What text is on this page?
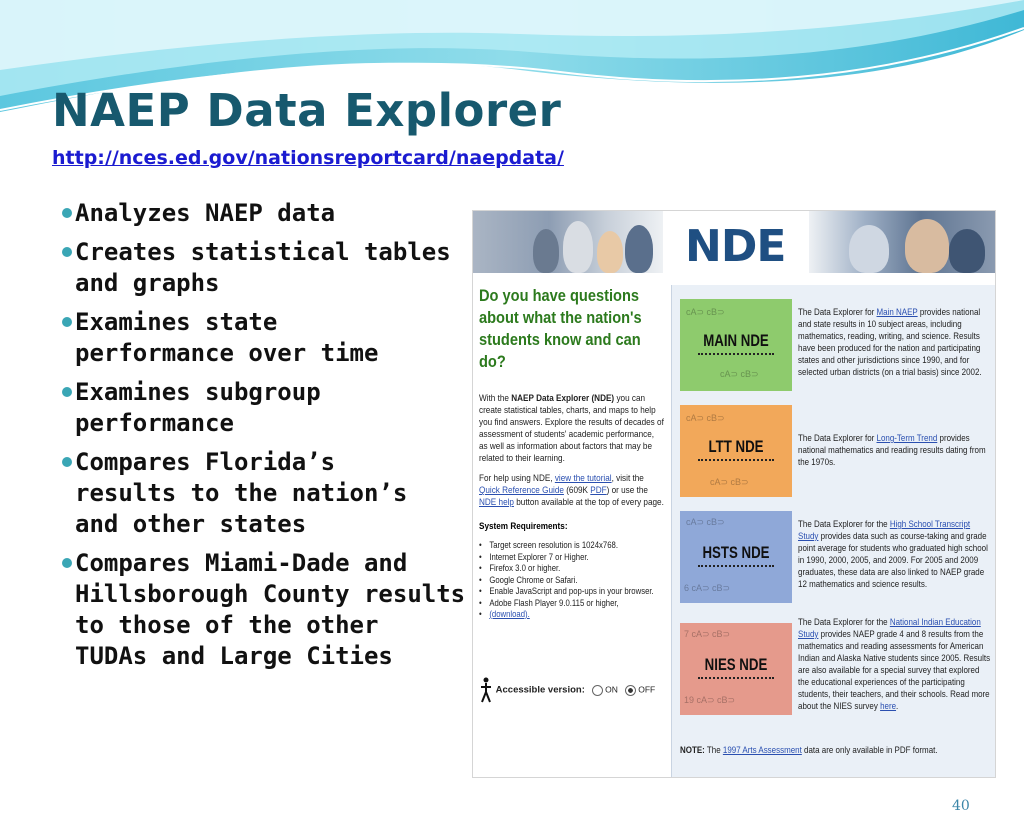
NAEP Data Explorer
http://nces.ed.gov/nationsreportcard/naepdata/
Analyzes NAEP data
Creates statistical tables
and graphs
Examines state
performance over time
Examines subgroup
performance
Compares Florida’s
results to the nation’s
and other states
Compares Miami-Dade and
Hillsborough County results
to those of the other
TUDAs and Large Cities
NDE
Do you have questions about what the nation's students know and can do?
With the NAEP Data Explorer (NDE) you can create statistical tables, charts, and maps to help you find answers. Explore the results of decades of assessment of students' academic performance, as well as information about factors that may be related to their learning.
For help using NDE, view the tutorial, visit the Quick Reference Guide (609K PDF) or use the NDE help button available at the top of every page.
System Requirements:
• Target screen resolution is 1024x768.
• Internet Explorer 7 or Higher.
• Firefox 3.0 or higher.
• Google Chrome or Safari.
• Enable JavaScript and pop-ups in your browser.
• Adobe Flash Player 9.0.115 or higher,
• (download).
Accessible version: ON OFF
cA⊃ cB⊃
cA⊃ cB⊃
MAIN NDE
The Data Explorer for Main NAEP provides national and state results in 10 subject areas, including mathematics, reading, writing, and science. Results have been produced for the nation and participating states and other jurisdictions since 1990, and for selected urban districts (on a trial basis) since 2002.
cA⊃ cB⊃
cA⊃ cB⊃
LTT NDE	The Data Explorer for Long-Term Trend provides national mathematics and reading results dating from the 1970s.
cA⊃ cB⊃
6 cA⊃ cB⊃
HSTS NDE
The Data Explorer for the High School Transcript Study provides data such as course-taking and grade point average for students who graduated high school in 1990, 2000, 2005, and 2009. For 2005 and 2009 graduates, these data are also linked to NAEP grade 12 mathematics and science results.
7 cA⊃ cB⊃
19 cA⊃ cB⊃
NIES NDE
The Data Explorer for the National Indian Education Study provides NAEP grade 4 and 8 results from the mathematics and reading assessments for American Indian and Alaska Native students since 2005. Results are also available for a special survey that explored the educational experiences of the participating students, their teachers, and their schools. Read more about the NIES survey here.
NOTE: The 1997 Arts Assessment data are only available in PDF format.
40
